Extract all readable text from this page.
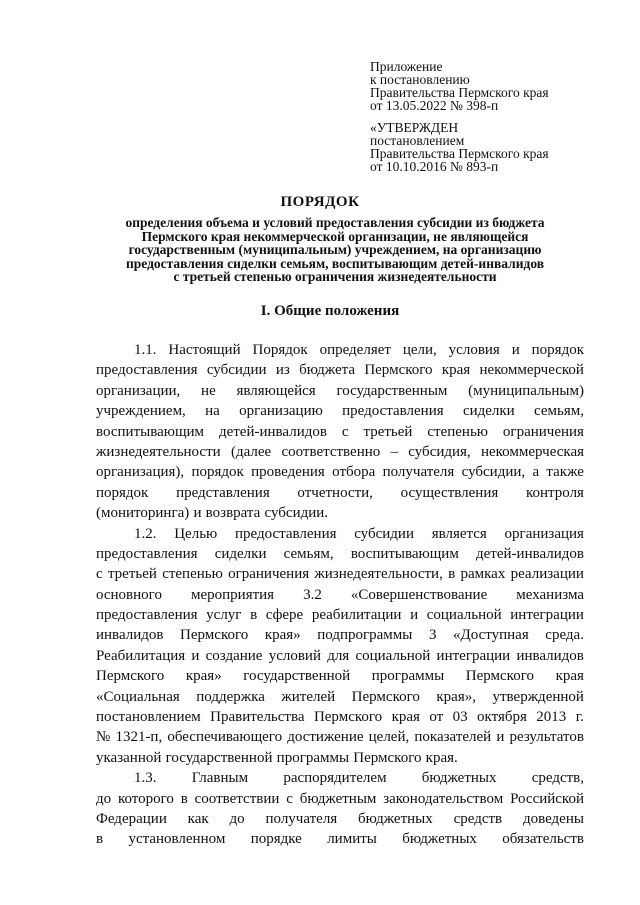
Приложение
к постановлению
Правительства Пермского края
от 13.05.2022 № 398-п
«УТВЕРЖДЕН
постановлением
Правительства Пермского края
от 10.10.2016 № 893-п
ПОРЯДОК
определения объема и условий предоставления субсидии из бюджета
Пермского края некоммерческой организации, не являющейся
государственным (муниципальным) учреждением, на организацию
предоставления сиделки семьям, воспитывающим детей-инвалидов
с третьей степенью ограничения жизнедеятельности
I. Общие положения
1.1. Настоящий Порядок определяет цели, условия и порядок
предоставления субсидии из бюджета Пермского края некоммерческой
организации, не являющейся государственным (муниципальным)
учреждением, на организацию предоставления сиделки семьям,
воспитывающим детей-инвалидов с третьей степенью ограничения
жизнедеятельности (далее соответственно – субсидия, некоммерческая
организация), порядок проведения отбора получателя субсидии, а также
порядок представления отчетности, осуществления контроля
(мониторинга) и возврата субсидии.
1.2. Целью предоставления субсидии является организация
предоставления сиделки семьям, воспитывающим детей-инвалидов
с третьей степенью ограничения жизнедеятельности, в рамках реализации
основного мероприятия 3.2 «Совершенствование механизма
предоставления услуг в сфере реабилитации и социальной интеграции
инвалидов Пермского края» подпрограммы 3 «Доступная среда.
Реабилитация и создание условий для социальной интеграции инвалидов
Пермского края» государственной программы Пермского края
«Социальная поддержка жителей Пермского края», утвержденной
постановлением Правительства Пермского края от 03 октября 2013 г.
№ 1321-п, обеспечивающего достижение целей, показателей и результатов
указанной государственной программы Пермского края.
1.3. Главным распорядителем бюджетных средств,
до которого в соответствии с бюджетным законодательством Российской
Федерации как до получателя бюджетных средств доведены
в установленном порядке лимиты бюджетных обязательств
